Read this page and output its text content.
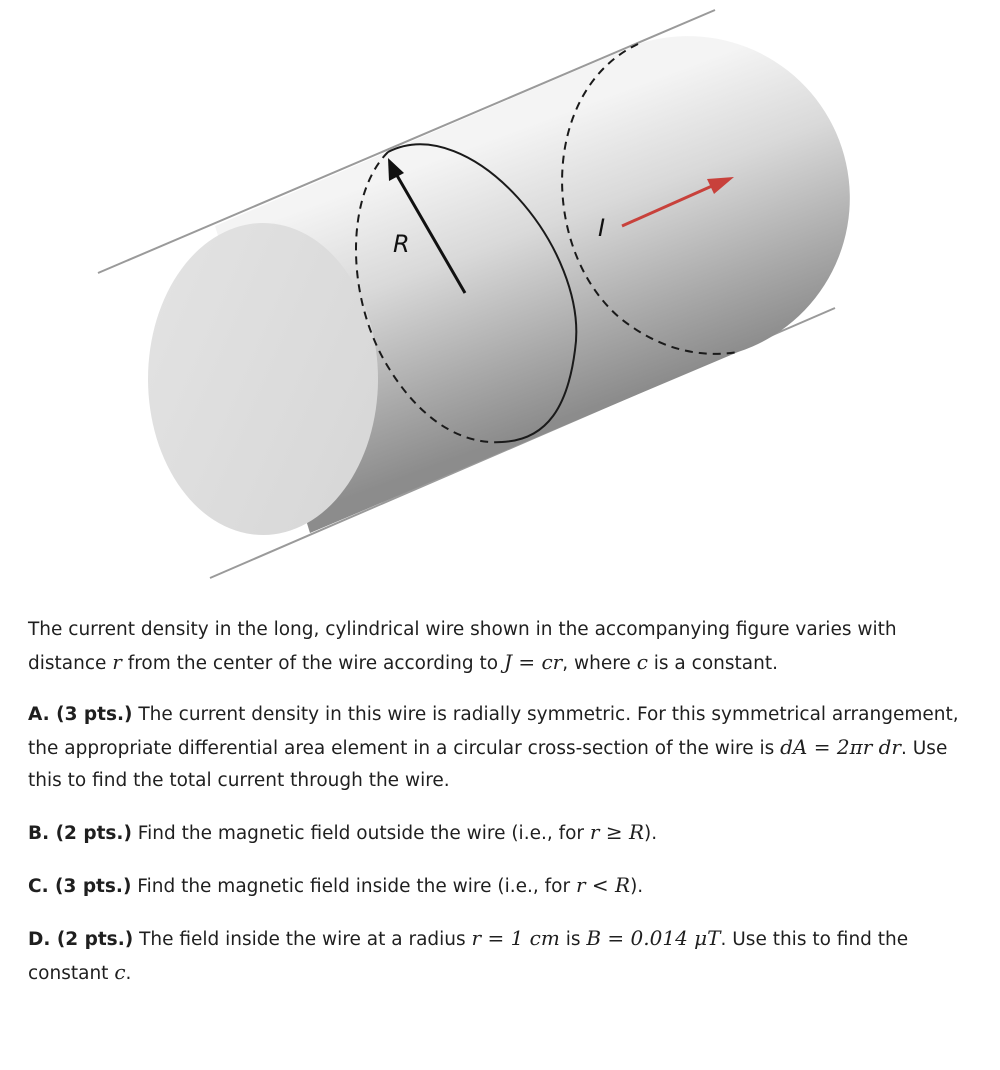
R
I

The current density in the long, cylindrical wire shown in the accompanying figure varies with distance r from the center of the wire according to J = cr, where c is a constant.

A. (3 pts.) The current density in this wire is radially symmetric. For this symmetrical arrangement, the appropriate differential area element in a circular cross-section of the wire is dA = 2πr dr. Use this to find the total current through the wire.

B. (2 pts.) Find the magnetic field outside the wire (i.e., for r ≥ R).

C. (3 pts.) Find the magnetic field inside the wire (i.e., for r < R).

D. (2 pts.) The field inside the wire at a radius r = 1 cm is B = 0.014 μT. Use this to find the constant c.
